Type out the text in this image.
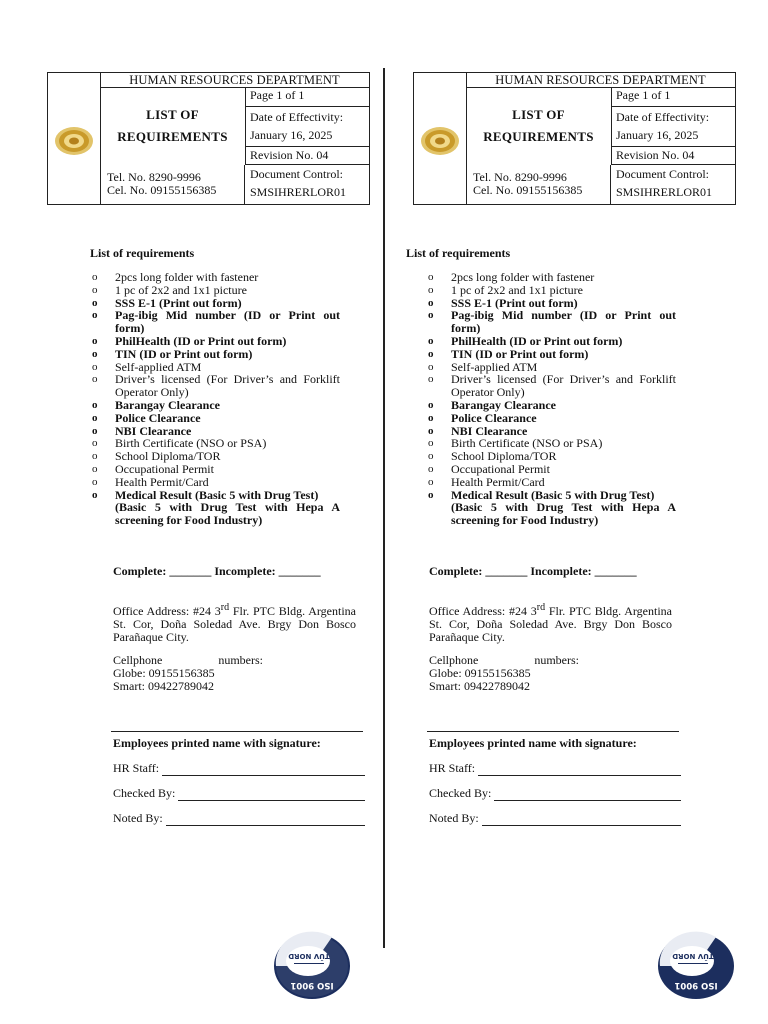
HUMAN RESOURCES DEPARTMENT
LIST OF
REQUIREMENTS
Tel. No. 8290-9996
Cel. No. 09155156385
Page 1 of 1
Date of Effectivity:
January 16, 2025
Revision No. 04
Document Control:
SMSIHRERLOR01
List of requirements
o 2pcs long folder with fastener
o 1 pc of 2x2 and 1x1 picture
o SSS E-1 (Print out form)
o Pag-ibig Mid number (ID or Print out form)
o PhilHealth (ID or Print out form)
o TIN (ID or Print out form)
o Self-applied ATM
o Driver’s licensed (For Driver’s and Forklift Operator Only)
o Barangay Clearance
o Police Clearance
o NBI Clearance
o Birth Certificate (NSO or PSA)
o School Diploma/TOR
o Occupational Permit
o Health Permit/Card
o Medical Result (Basic 5 with Drug Test)
(Basic 5 with Drug Test with Hepa A screening for Food Industry)
Complete: _______ Incomplete: _______
Office Address: #24 3rd Flr. PTC Bldg. Argentina St. Cor, Doña Soledad Ave. Brgy Don Bosco Parañaque City.
Cellphone	numbers:
Globe: 09155156385
Smart: 09422789042
Employees printed name with signature:
HR Staff:
Checked By:
Noted By:
TÜV NORD
ISO 9001
HUMAN RESOURCES DEPARTMENT
LIST OF
REQUIREMENTS
Tel. No. 8290-9996
Cel. No. 09155156385
Page 1 of 1
Date of Effectivity:
January 16, 2025
Revision No. 04
Document Control:
SMSIHRERLOR01
List of requirements
o 2pcs long folder with fastener
o 1 pc of 2x2 and 1x1 picture
o SSS E-1 (Print out form)
o Pag-ibig Mid number (ID or Print out form)
o PhilHealth (ID or Print out form)
o TIN (ID or Print out form)
o Self-applied ATM
o Driver’s licensed (For Driver’s and Forklift Operator Only)
o Barangay Clearance
o Police Clearance
o NBI Clearance
o Birth Certificate (NSO or PSA)
o School Diploma/TOR
o Occupational Permit
o Health Permit/Card
o Medical Result (Basic 5 with Drug Test)
(Basic 5 with Drug Test with Hepa A screening for Food Industry)
Complete: _______ Incomplete: _______
Office Address: #24 3rd Flr. PTC Bldg. Argentina St. Cor, Doña Soledad Ave. Brgy Don Bosco Parañaque City.
Cellphone	numbers:
Globe: 09155156385
Smart: 09422789042
Employees printed name with signature:
HR Staff:
Checked By:
Noted By:
TÜV NORD
ISO 9001
